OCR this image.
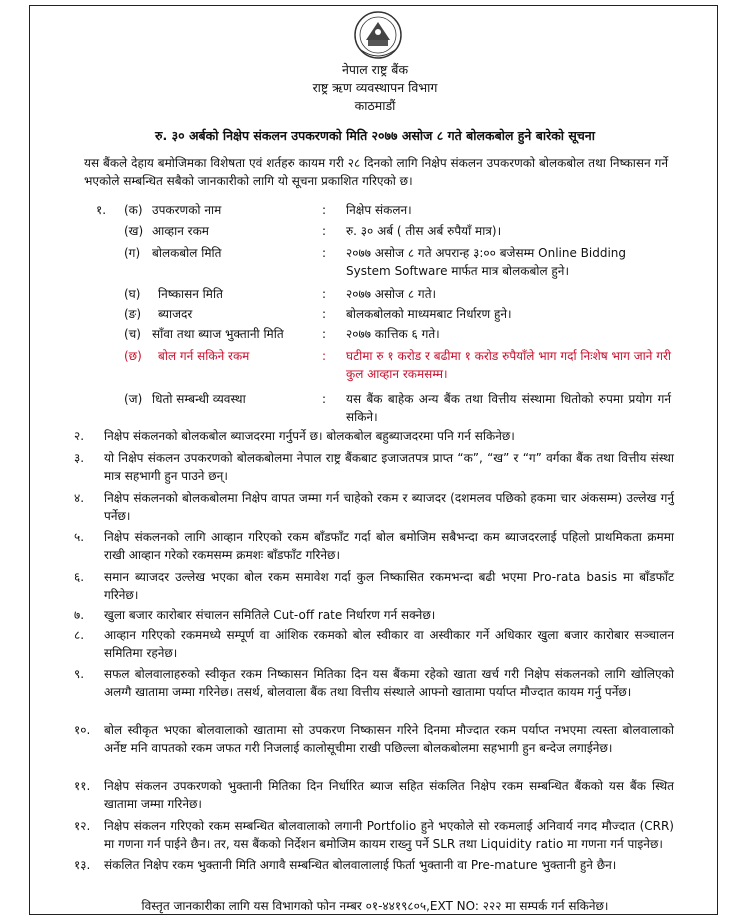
नेपाल राष्ट्र बैंक
राष्ट्र ऋण व्यवस्थापन विभाग
काठमाडौं
रु. ३० अर्बको निक्षेप संकलन उपकरणको मिति २०७७ असोज ८ गते बोलकबोल हुने बारेको सूचना
यस बैंकले देहाय बमोजिमका विशेषता एवं शर्तहरु कायम गरी २८ दिनको लागि निक्षेप संकलन उपकरणको बोलकबोल तथा निष्कासन गर्ने भएकोले सम्बन्धित सबैको जानकारीको लागि यो सूचना प्रकाशित गरिएको छ।
१. (क) उपकरणको नाम	: निक्षेप संकलन।
(ख) आव्हान रकम	: रु. ३० अर्ब ( तीस अर्ब रुपैयाँ मात्र)।
(ग) बोलकबोल मिति	: २०७७ असोज ८ गते अपरान्ह ३:०० बजेसम्म Online Bidding System Software मार्फत मात्र बोलकबोल हुने।
(घ) निष्कासन मिति	: २०७७ असोज ८ गते।
(ङ) ब्याजदर	: बोलकबोलको माध्यमबाट निर्धारण हुने।
(च) साँवा तथा ब्याज भुक्तानी मिति	: २०७७ कात्तिक ६ गते।
(छ) बोल गर्न सकिने रकम	: घटीमा रु १ करोड र बढीमा १ करोड रुपैयाँले भाग गर्दा निःशेष भाग जाने गरी कुल आव्हान रकमसम्म।
(ज) धितो सम्बन्धी व्यवस्था	: यस बैंक बाहेक अन्य बैंक तथा वित्तीय संस्थामा धितोको रुपमा प्रयोग गर्न सकिने।
२. निक्षेप संकलनको बोलकबोल ब्याजदरमा गर्नुपर्ने छ। बोलकबोल बहुब्याजदरमा पनि गर्न सकिनेछ।
३. यो निक्षेप संकलन उपकरणको बोलकबोलमा नेपाल राष्ट्र बैंकबाट इजाजतपत्र प्राप्त “क”, “ख” र “ग” वर्गका बैंक तथा वित्तीय संस्था मात्र सहभागी हुन पाउने छन्।
४. निक्षेप संकलनको बोलकबोलमा निक्षेप वापत जम्मा गर्न चाहेको रकम र ब्याजदर (दशमलव पछिको हकमा चार अंकसम्म) उल्लेख गर्नु पर्नेछ।
५. निक्षेप संकलनको लागि आव्हान गरिएको रकम बाँडफाँट गर्दा बोल बमोजिम सबैभन्दा कम ब्याजदरलाई पहिलो प्राथमिकता क्रममा राखी आव्हान गरेको रकमसम्म क्रमशः बाँडफाँट गरिनेछ।
६. समान ब्याजदर उल्लेख भएका बोल रकम समावेश गर्दा कुल निष्कासित रकमभन्दा बढी भएमा Pro-rata basis मा बाँडफाँट गरिनेछ।
७. खुला बजार कारोबार संचालन समितिले Cut-off rate निर्धारण गर्न सक्नेछ।
८. आव्हान गरिएको रकममध्ये सम्पूर्ण वा आंशिक रकमको बोल स्वीकार वा अस्वीकार गर्ने अधिकार खुला बजार कारोबार सञ्चालन समितिमा रहनेछ।
९. सफल बोलवालाहरुको स्वीकृत रकम निष्कासन मितिका दिन यस बैंकमा रहेको खाता खर्च गरी निक्षेप संकलनको लागि खोलिएको अलग्गै खातामा जम्मा गरिनेछ। तसर्थ, बोलवाला बैंक तथा वित्तीय संस्थाले आफ्नो खातामा पर्याप्त मौज्दात कायम गर्नु पर्नेछ।
१०. बोल स्वीकृत भएका बोलवालाको खातामा सो उपकरण निष्कासन गरिने दिनमा मौज्दात रकम पर्याप्त नभएमा त्यस्ता बोलवालाको अर्नेष्ट मनि वापतको रकम जफत गरी निजलाई कालोसूचीमा राखी पछिल्ला बोलकबोलमा सहभागी हुन बन्देज लगाईनेछ।
११. निक्षेप संकलन उपकरणको भुक्तानी मितिका दिन निर्धारित ब्याज सहित संकलित निक्षेप रकम सम्बन्धित बैंकको यस बैंक स्थित खातामा जम्मा गरिनेछ।
१२. निक्षेप संकलन गरिएको रकम सम्बन्धित बोलवालाको लगानी Portfolio हुने भएकोले सो रकमलाई अनिवार्य नगद मौज्दात (CRR) मा गणना गर्न पाईने छैन। तर, यस बैंकको निर्देशन बमोजिम कायम राख्नु पर्ने SLR तथा Liquidity ratio मा गणना गर्न पाइनेछ।
१३. संकलित निक्षेप रकम भुक्तानी मिति अगावै सम्बन्धित बोलवालालाई फिर्ता भुक्तानी वा Pre-mature भुक्तानी हुने छैन।
विस्तृत जानकारीका लागि यस विभागको फोन नम्बर ०१-४४१९८०५,EXT NO: २२२ मा सम्पर्क गर्न सकिनेछ।
